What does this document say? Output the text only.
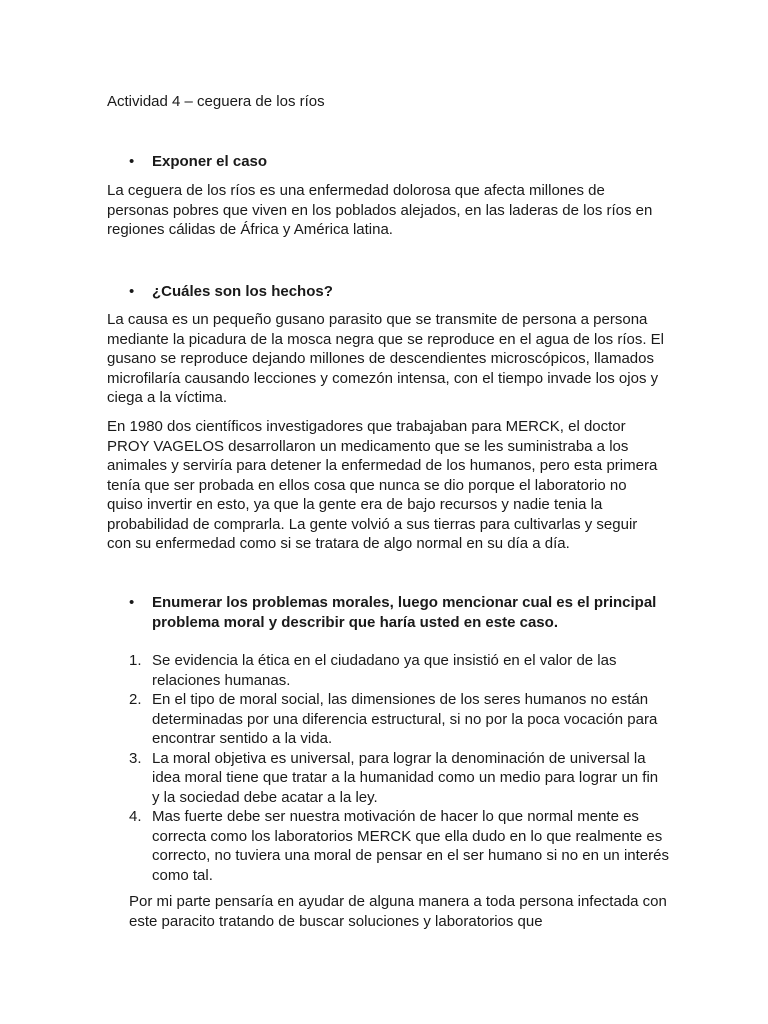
Actividad 4 – ceguera de los ríos

• Exponer el caso

La ceguera de los ríos es una enfermedad dolorosa que afecta millones de personas pobres que viven en los poblados alejados, en las laderas de los ríos en regiones cálidas de África y América latina.

• ¿Cuáles son los hechos?

La causa es un pequeño gusano parasito que se transmite de persona a persona mediante la picadura de la mosca negra que se reproduce en el agua de los ríos. El gusano se reproduce dejando millones de descendientes microscópicos, llamados microfilaría causando lecciones y comezón intensa, con el tiempo invade los ojos y ciega a la víctima.

En 1980 dos científicos investigadores que trabajaban para MERCK, el doctor PROY VAGELOS desarrollaron un medicamento que se les suministraba a los animales y serviría para detener la enfermedad de los humanos, pero esta primera tenía que ser probada en ellos cosa que nunca se dio porque el laboratorio no quiso invertir en esto, ya que la gente era de bajo recursos y nadie tenia la probabilidad de comprarla. La gente volvió a sus tierras para cultivarlas y seguir con su enfermedad como si se tratara de algo normal en su día a día.

• Enumerar los problemas morales, luego mencionar cual es el principal problema moral y describir que haría usted en este caso.

1. Se evidencia la ética en el ciudadano ya que insistió en el valor de las relaciones humanas.
2. En el tipo de moral social, las dimensiones de los seres humanos no están determinadas por una diferencia estructural, si no por la poca vocación para encontrar sentido a la vida.
3. La moral objetiva es universal, para lograr la denominación de universal la idea moral tiene que tratar a la humanidad como un medio para lograr un fin y la sociedad debe acatar a la ley.
4. Mas fuerte debe ser nuestra motivación de hacer lo que normal mente es correcta como los laboratorios MERCK que ella dudo en lo que realmente es correcto, no tuviera una moral de pensar en el ser humano si no en un interés como tal.

Por mi parte pensaría en ayudar de alguna manera a toda persona infectada con este paracito tratando de buscar soluciones y laboratorios que
